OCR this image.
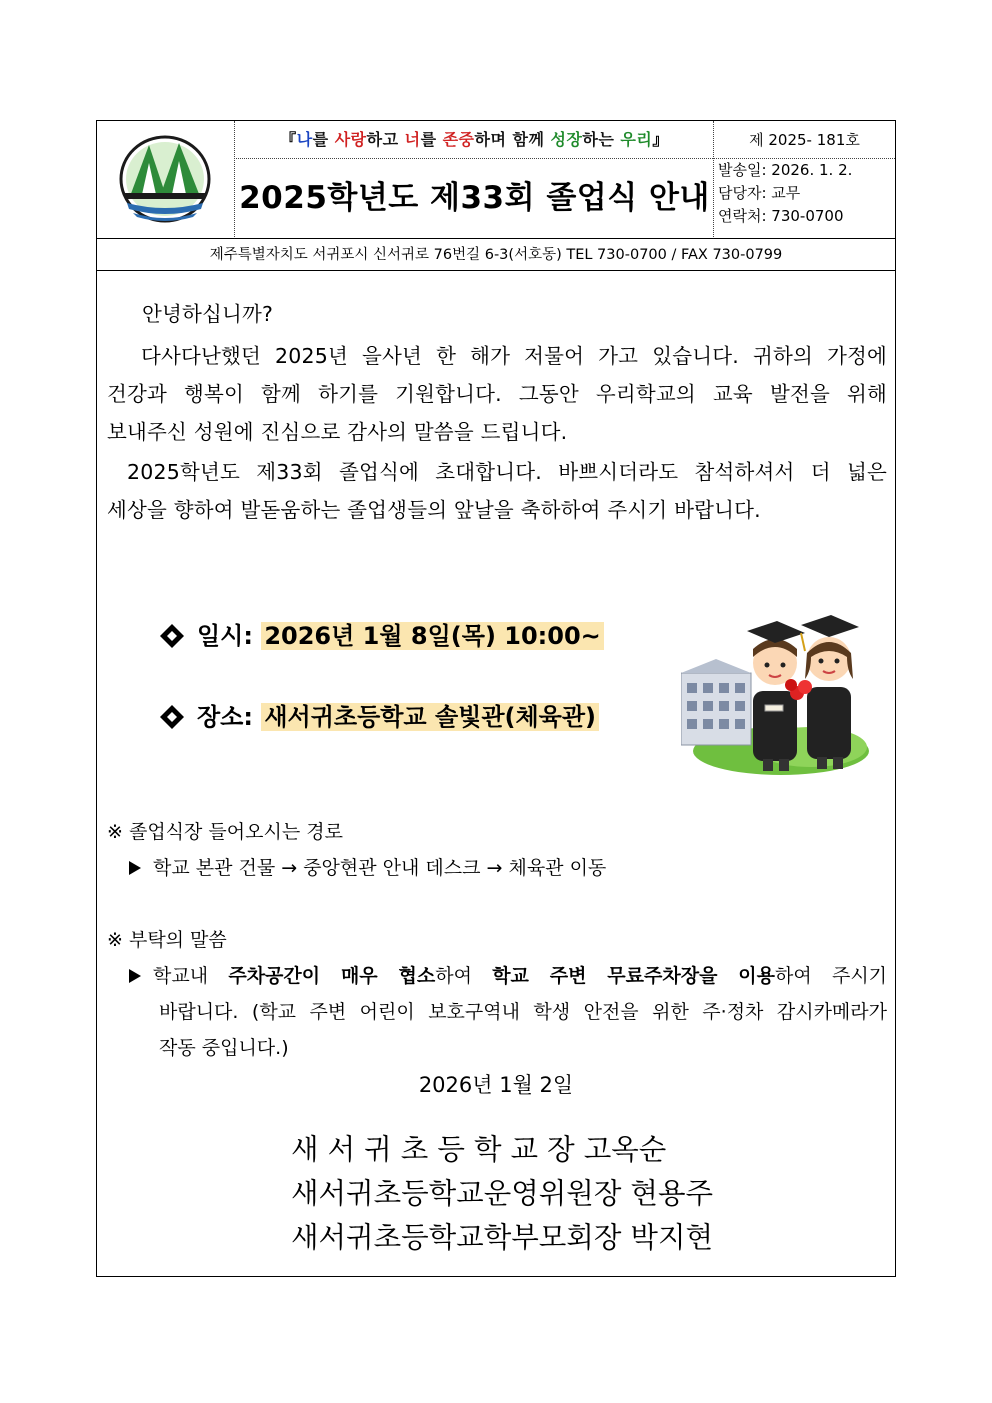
『나를 사랑하고 너를 존중하며 함께 성장하는 우리』
2025학년도 제33회 졸업식 안내
제 2025- 181호
발송일: 2026. 1. 2.
담당자: 교무
연락처: 730-0700
제주특별자치도 서귀포시 신서귀로 76번길 6-3(서호동) TEL 730-0700 / FAX 730-0799
안녕하십니까?
다사다난했던 2025년 을사년 한 해가 저물어 가고 있습니다. 귀하의 가정에
건강과 행복이 함께 하기를 기원합니다. 그동안 우리학교의 교육 발전을 위해
보내주신 성원에 진심으로 감사의 말씀을 드립니다.
2025학년도 제33회 졸업식에 초대합니다. 바쁘시더라도 참석하셔서 더 넓은
세상을 향하여 발돋움하는 졸업생들의 앞날을 축하하여 주시기 바랍니다.
일시: 2026년 1월 8일(목) 10:00~
장소: 새서귀초등학교 솔빛관(체육관)
※ 졸업식장 들어오시는 경로
학교 본관 건물 → 중앙현관 안내 데스크 → 체육관 이동
※ 부탁의 말씀
학교내 주차공간이 매우 협소하여 학교 주변 무료주차장을 이용하여 주시기
바랍니다. (학교 주변 어린이 보호구역내 학생 안전을 위한 주·정차 감시카메라가
작동 중입니다.)
2026년 1월 2일
새 서 귀 초 등 학 교 장 고옥순
새서귀초등학교운영위원장 현용주
새서귀초등학교학부모회장 박지현
